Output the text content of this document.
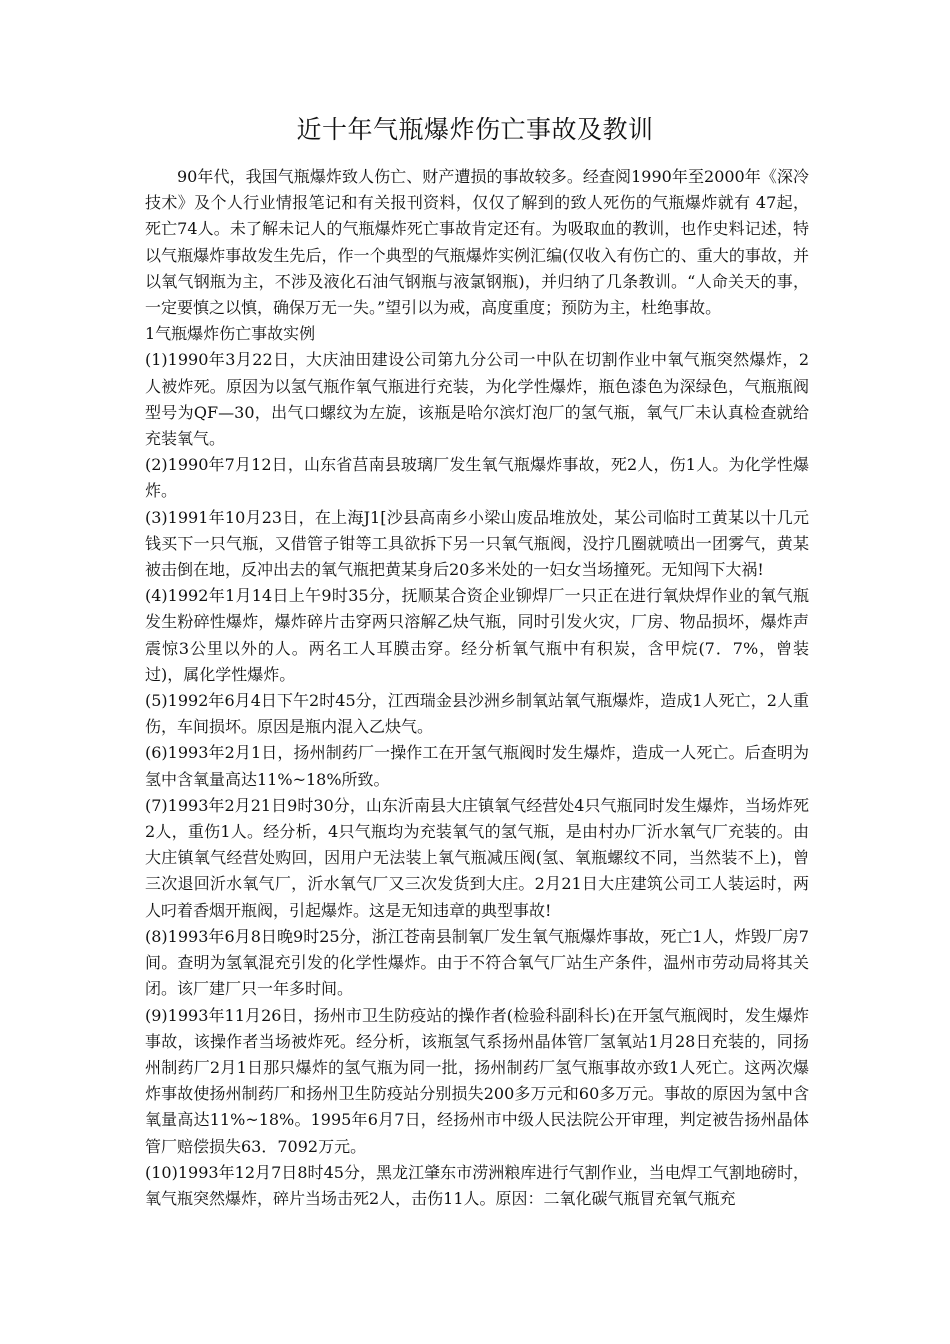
近十年气瓶爆炸伤亡事故及教训

90年代，我国气瓶爆炸致人伤亡、财产遭损的事故较多。经查阅1990年至2000年《深冷技术》及个人行业情报笔记和有关报刊资料，仅仅了解到的致人死伤的气瓶爆炸就有 47起，死亡74人。未了解未记人的气瓶爆炸死亡事故肯定还有。为吸取血的教训，也作史料记述，特以气瓶爆炸事故发生先后，作一个典型的气瓶爆炸实例汇编(仅收入有伤亡的、重大的事故，并以氧气钢瓶为主，不涉及液化石油气钢瓶与液氯钢瓶)，并归纳了几条教训。“人命关天的事，一定要慎之以慎，确保万无一失。”望引以为戒，高度重度；预防为主，杜绝事故。

1气瓶爆炸伤亡事故实例

(1)1990年3月22日，大庆油田建设公司第九分公司一中队在切割作业中氧气瓶突然爆炸，2人被炸死。原因为以氢气瓶作氧气瓶进行充装，为化学性爆炸，瓶色漆色为深绿色，气瓶瓶阀型号为QF—30，出气口螺纹为左旋，该瓶是哈尔滨灯泡厂的氢气瓶，氧气厂未认真检查就给充装氧气。

(2)1990年7月12日，山东省莒南县玻璃厂发生氧气瓶爆炸事故，死2人，伤1人。为化学性爆炸。

(3)1991年10月23日，在上海J1[沙县高南乡小梁山废品堆放处，某公司临时工黄某以十几元钱买下一只气瓶，又借管子钳等工具欲拆下另一只氧气瓶阀，没拧几圈就喷出一团雾气，黄某被击倒在地，反冲出去的氧气瓶把黄某身后20多米处的一妇女当场撞死。无知闯下大祸!

(4)1992年1月14日上午9时35分，抚顺某合资企业铆焊厂一只正在进行氧炔焊作业的氧气瓶发生粉碎性爆炸，爆炸碎片击穿两只溶解乙炔气瓶，同时引发火灾，厂房、物品损坏，爆炸声震惊3公里以外的人。两名工人耳膜击穿。经分析氧气瓶中有积炭，含甲烷(7．7%，曾装过)，属化学性爆炸。

(5)1992年6月4日下午2时45分，江西瑞金县沙洲乡制氧站氧气瓶爆炸，造成1人死亡，2人重伤，车间损坏。原因是瓶内混入乙炔气。

(6)1993年2月1日，扬州制药厂一操作工在开氢气瓶阀时发生爆炸，造成一人死亡。后查明为氢中含氧量高达11%~18%所致。

(7)1993年2月21日9时30分，山东沂南县大庄镇氧气经营处4只气瓶同时发生爆炸，当场炸死2人，重伤1人。经分析，4只气瓶均为充装氧气的氢气瓶，是由村办厂沂水氧气厂充装的。由大庄镇氧气经营处购回，因用户无法装上氧气瓶减压阀(氢、氧瓶螺纹不同，当然装不上)，曾三次退回沂水氧气厂，沂水氧气厂又三次发货到大庄。2月21日大庄建筑公司工人装运时，两人叼着香烟开瓶阀，引起爆炸。这是无知违章的典型事故!

(8)1993年6月8日晚9时25分，浙江苍南县制氧厂发生氧气瓶爆炸事故，死亡1人，炸毁厂房7间。查明为氢氧混充引发的化学性爆炸。由于不符合氧气厂站生产条件，温州市劳动局将其关闭。该厂建厂只一年多时间。

(9)1993年11月26日，扬州市卫生防疫站的操作者(检验科副科长)在开氢气瓶阀时，发生爆炸事故，该操作者当场被炸死。经分析，该瓶氢气系扬州晶体管厂氢氧站1月28日充装的，同扬州制药厂2月1日那只爆炸的氢气瓶为同一批，扬州制药厂氢气瓶事故亦致1人死亡。这两次爆炸事故使扬州制药厂和扬州卫生防疫站分别损失200多万元和60多万元。事故的原因为氢中含氧量高达11%~18%。1995年6月7日，经扬州市中级人民法院公开审理，判定被告扬州晶体管厂赔偿损失63．7092万元。

(10)1993年12月7日8时45分，黑龙江肇东市涝洲粮库进行气割作业，当电焊工气割地磅时，氧气瓶突然爆炸，碎片当场击死2人，击伤11人。原因：二氧化碳气瓶冒充氧气瓶充
